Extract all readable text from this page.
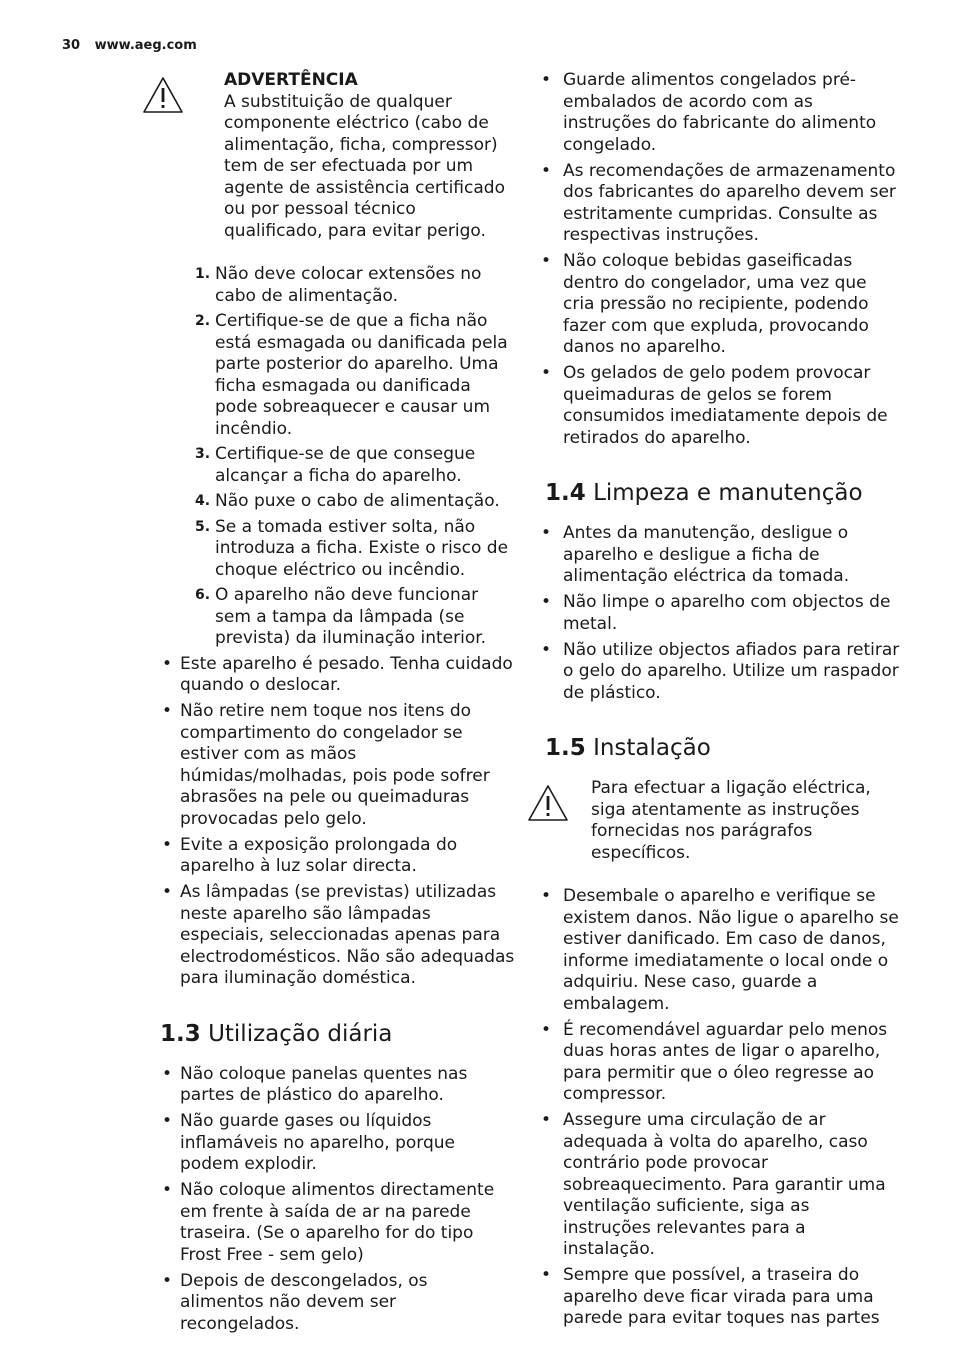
30 www.aeg.com
ADVERTÊNCIA
A substituição de qualquer componente eléctrico (cabo de alimentação, ficha, compressor) tem de ser efectuada por um agente de assistência certificado ou por pessoal técnico qualificado, para evitar perigo.
1. Não deve colocar extensões no cabo de alimentação.
2. Certifique-se de que a ficha não está esmagada ou danificada pela parte posterior do aparelho. Uma ficha esmagada ou danificada pode sobreaquecer e causar um incêndio.
3. Certifique-se de que consegue alcançar a ficha do aparelho.
4. Não puxe o cabo de alimentação.
5. Se a tomada estiver solta, não introduza a ficha. Existe o risco de choque eléctrico ou incêndio.
6. O aparelho não deve funcionar sem a tampa da lâmpada (se prevista) da iluminação interior.
• Este aparelho é pesado. Tenha cuidado quando o deslocar.
• Não retire nem toque nos itens do compartimento do congelador se estiver com as mãos húmidas/molhadas, pois pode sofrer abrasões na pele ou queimaduras provocadas pelo gelo.
• Evite a exposição prolongada do aparelho à luz solar directa.
• As lâmpadas (se previstas) utilizadas neste aparelho são lâmpadas especiais, seleccionadas apenas para electrodomésticos. Não são adequadas para iluminação doméstica.
1.3 Utilização diária
• Não coloque panelas quentes nas partes de plástico do aparelho.
• Não guarde gases ou líquidos inflamáveis no aparelho, porque podem explodir.
• Não coloque alimentos directamente em frente à saída de ar na parede traseira. (Se o aparelho for do tipo Frost Free - sem gelo)
• Depois de descongelados, os alimentos não devem ser recongelados.
• Guarde alimentos congelados pré-embalados de acordo com as instruções do fabricante do alimento congelado.
• As recomendações de armazenamento dos fabricantes do aparelho devem ser estritamente cumpridas. Consulte as respectivas instruções.
• Não coloque bebidas gaseificadas dentro do congelador, uma vez que cria pressão no recipiente, podendo fazer com que expluda, provocando danos no aparelho.
• Os gelados de gelo podem provocar queimaduras de gelos se forem consumidos imediatamente depois de retirados do aparelho.
1.4 Limpeza e manutenção
• Antes da manutenção, desligue o aparelho e desligue a ficha de alimentação eléctrica da tomada.
• Não limpe o aparelho com objectos de metal.
• Não utilize objectos afiados para retirar o gelo do aparelho. Utilize um raspador de plástico.
1.5 Instalação
Para efectuar a ligação eléctrica, siga atentamente as instruções fornecidas nos parágrafos específicos.
• Desembale o aparelho e verifique se existem danos. Não ligue o aparelho se estiver danificado. Em caso de danos, informe imediatamente o local onde o adquiriu. Nese caso, guarde a embalagem.
• É recomendável aguardar pelo menos duas horas antes de ligar o aparelho, para permitir que o óleo regresse ao compressor.
• Assegure uma circulação de ar adequada à volta do aparelho, caso contrário pode provocar sobreaquecimento. Para garantir uma ventilação suficiente, siga as instruções relevantes para a instalação.
• Sempre que possível, a traseira do aparelho deve ficar virada para uma parede para evitar toques nas partes
